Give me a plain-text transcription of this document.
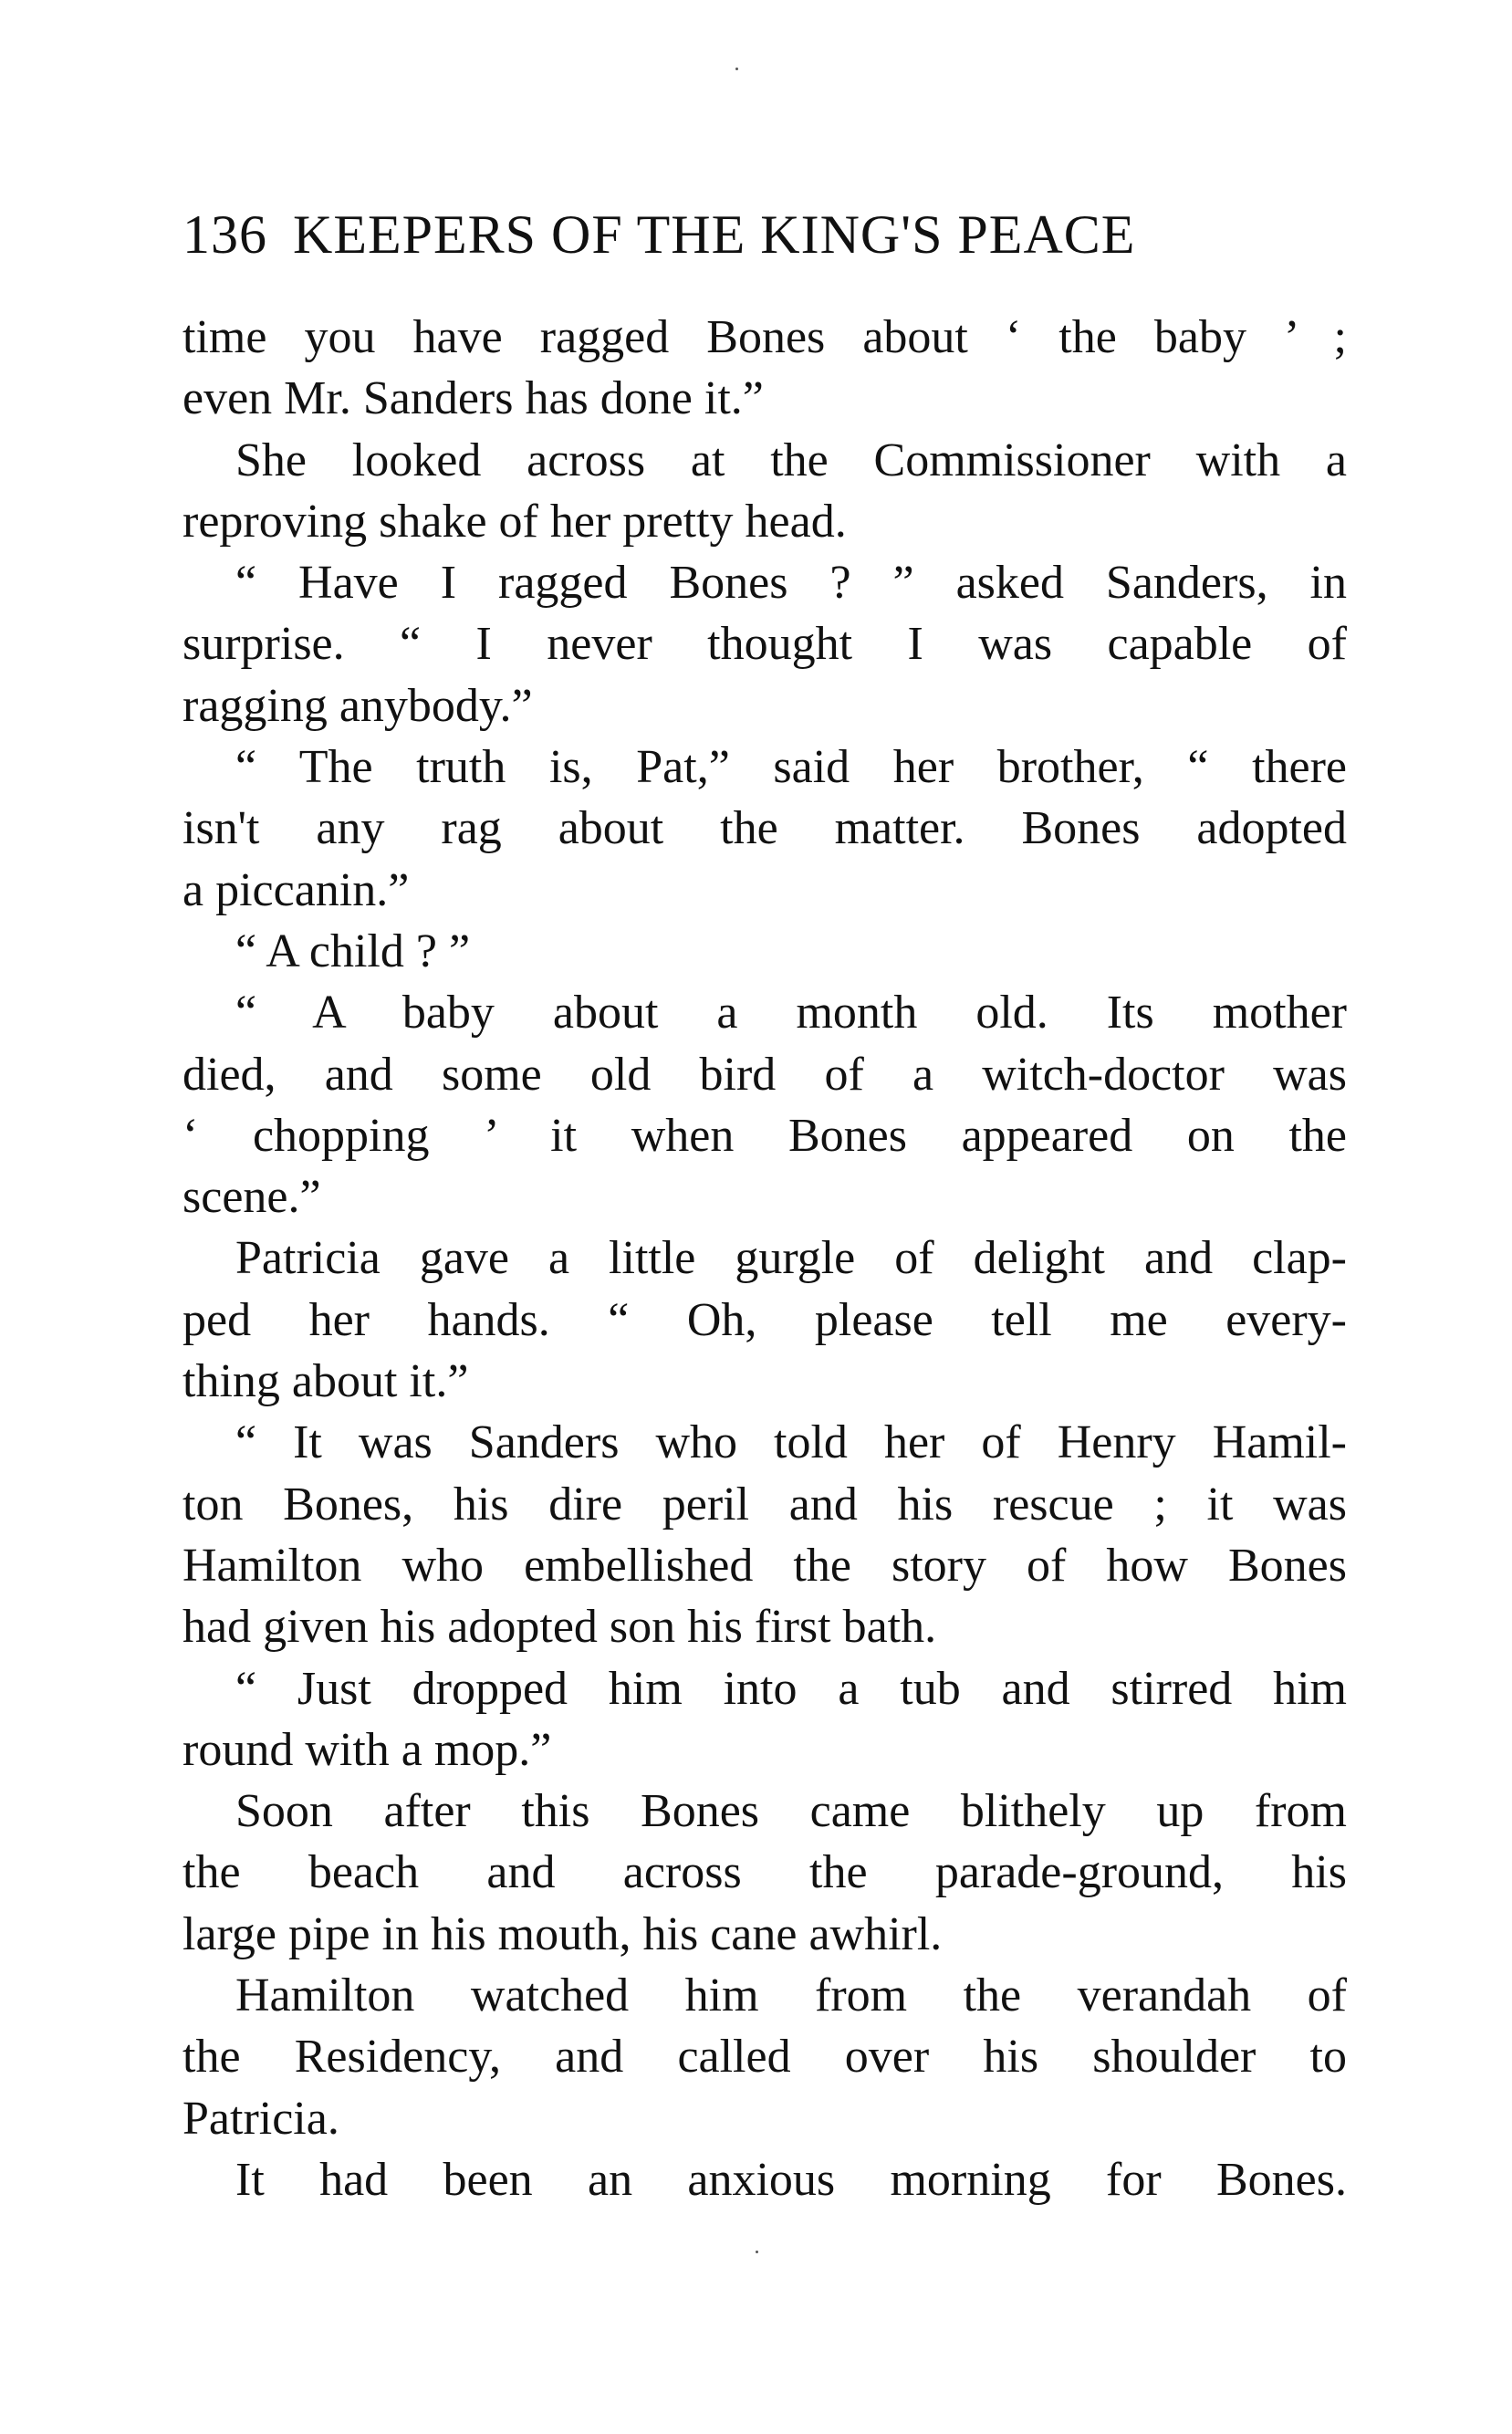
136 KEEPERS OF THE KING'S PEACE
time you have ragged Bones about ‘ the baby ’ ;
even Mr. Sanders has done it.”
She looked across at the Commissioner with a
reproving shake of her pretty head.
“ Have I ragged Bones ? ” asked Sanders, in
surprise. “ I never thought I was capable of
ragging anybody.”
“ The truth is, Pat,” said her brother, “ there
isn't any rag about the matter. Bones adopted
a piccanin.”
“ A child ? ”
“ A baby about a month old. Its mother
died, and some old bird of a witch-doctor was
‘ chopping ’ it when Bones appeared on the
scene.”
Patricia gave a little gurgle of delight and clap-
ped her hands. “ Oh, please tell me every-
thing about it.”
“ It was Sanders who told her of Henry Hamil-
ton Bones, his dire peril and his rescue ; it was
Hamilton who embellished the story of how Bones
had given his adopted son his first bath.
“ Just dropped him into a tub and stirred him
round with a mop.”
Soon after this Bones came blithely up from
the beach and across the parade-ground, his
large pipe in his mouth, his cane awhirl.
Hamilton watched him from the verandah of
the Residency, and called over his shoulder to
Patricia.
It had been an anxious morning for Bones.
